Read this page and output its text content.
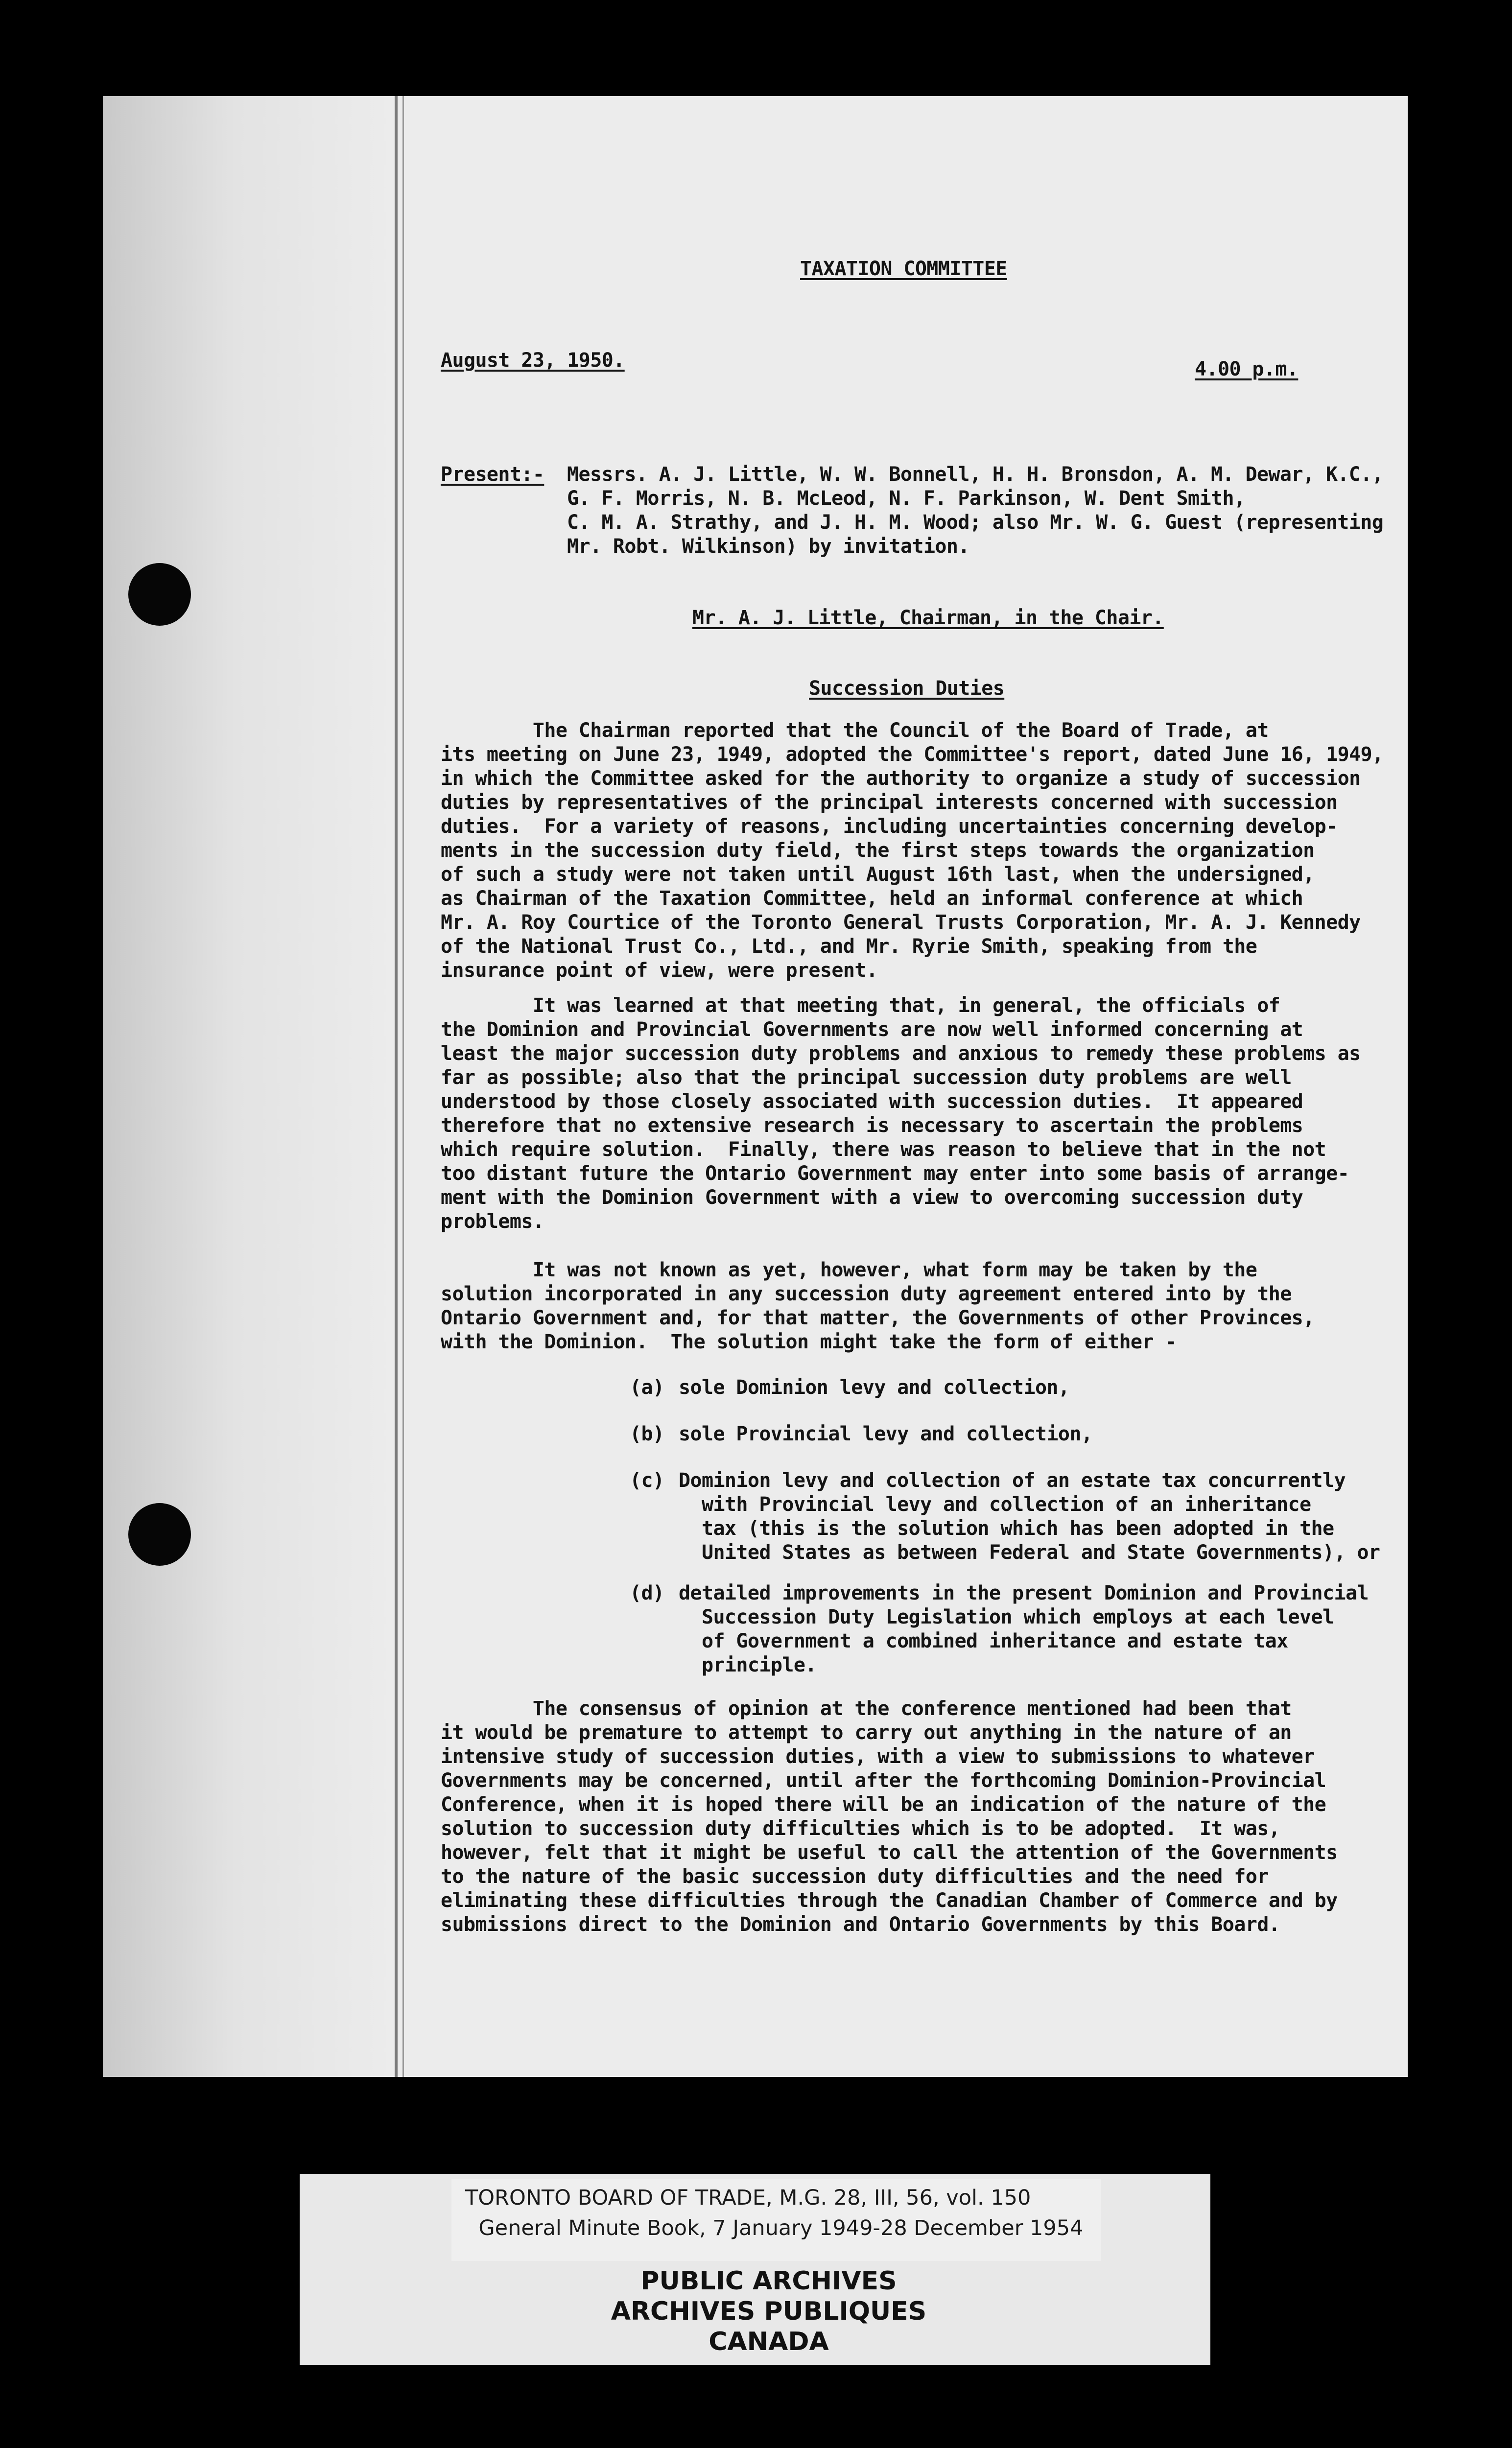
TAXATION COMMITTEE
August 23, 1950.	4.00 p.m.
Present:- Messrs. A. J. Little, W. W. Bonnell, H. H. Bronsdon, A. M. Dewar, K.C.,

G. F. Morris, N. B. McLeod, N. F. Parkinson, W. Dent Smith,

C. M. A. Strathy, and J. H. M. Wood; also Mr. W. G. Guest (representing

Mr. Robt. Wilkinson) by invitation.

Mr. A. J. Little, Chairman, in the Chair.
Succession Duties

The Chairman reported that the Council of the Board of Trade, at

its meeting on June 23, 1949, adopted the Committee's report, dated June 16, 1949,

in which the Committee asked for the authority to organize a study of succession

duties by representatives of the principal interests concerned with succession

duties.  For a variety of reasons, including uncertainties concerning develop-

ments in the succession duty field, the first steps towards the organization

of such a study were not taken until August 16th last, when the undersigned,

as Chairman of the Taxation Committee, held an informal conference at which

Mr. A. Roy Courtice of the Toronto General Trusts Corporation, Mr. A. J. Kennedy

of the National Trust Co., Ltd., and Mr. Ryrie Smith, speaking from the

insurance point of view, were present.

It was learned at that meeting that, in general, the officials of

the Dominion and Provincial Governments are now well informed concerning at

least the major succession duty problems and anxious to remedy these problems as

far as possible; also that the principal succession duty problems are well

understood by those closely associated with succession duties.  It appeared

therefore that no extensive research is necessary to ascertain the problems

which require solution.  Finally, there was reason to believe that in the not

too distant future the Ontario Government may enter into some basis of arrange-

ment with the Dominion Government with a view to overcoming succession duty

problems.

It was not known as yet, however, what form may be taken by the

solution incorporated in any succession duty agreement entered into by the

Ontario Government and, for that matter, the Governments of other Provinces,

with the Dominion.  The solution might take the form of either -

(a) sole Dominion levy and collection,

(b) sole Provincial levy and collection,

(c) Dominion levy and collection of an estate tax concurrently

with Provincial levy and collection of an inheritance

tax (this is the solution which has been adopted in the

United States as between Federal and State Governments), or

(d) detailed improvements in the present Dominion and Provincial

Succession Duty Legislation which employs at each level

of Government a combined inheritance and estate tax

principle.

The consensus of opinion at the conference mentioned had been that

it would be premature to attempt to carry out anything in the nature of an

intensive study of succession duties, with a view to submissions to whatever

Governments may be concerned, until after the forthcoming Dominion-Provincial

Conference, when it is hoped there will be an indication of the nature of the

solution to succession duty difficulties which is to be adopted.  It was,

however, felt that it might be useful to call the attention of the Governments

to the nature of the basic succession duty difficulties and the need for

eliminating these difficulties through the Canadian Chamber of Commerce and by

submissions direct to the Dominion and Ontario Governments by this Board.

TORONTO BOARD OF TRADE, M.G. 28, III, 56, vol. 150
General Minute Book, 7 January 1949-28 December 1954
PUBLIC ARCHIVES
ARCHIVES PUBLIQUES
CANADA
